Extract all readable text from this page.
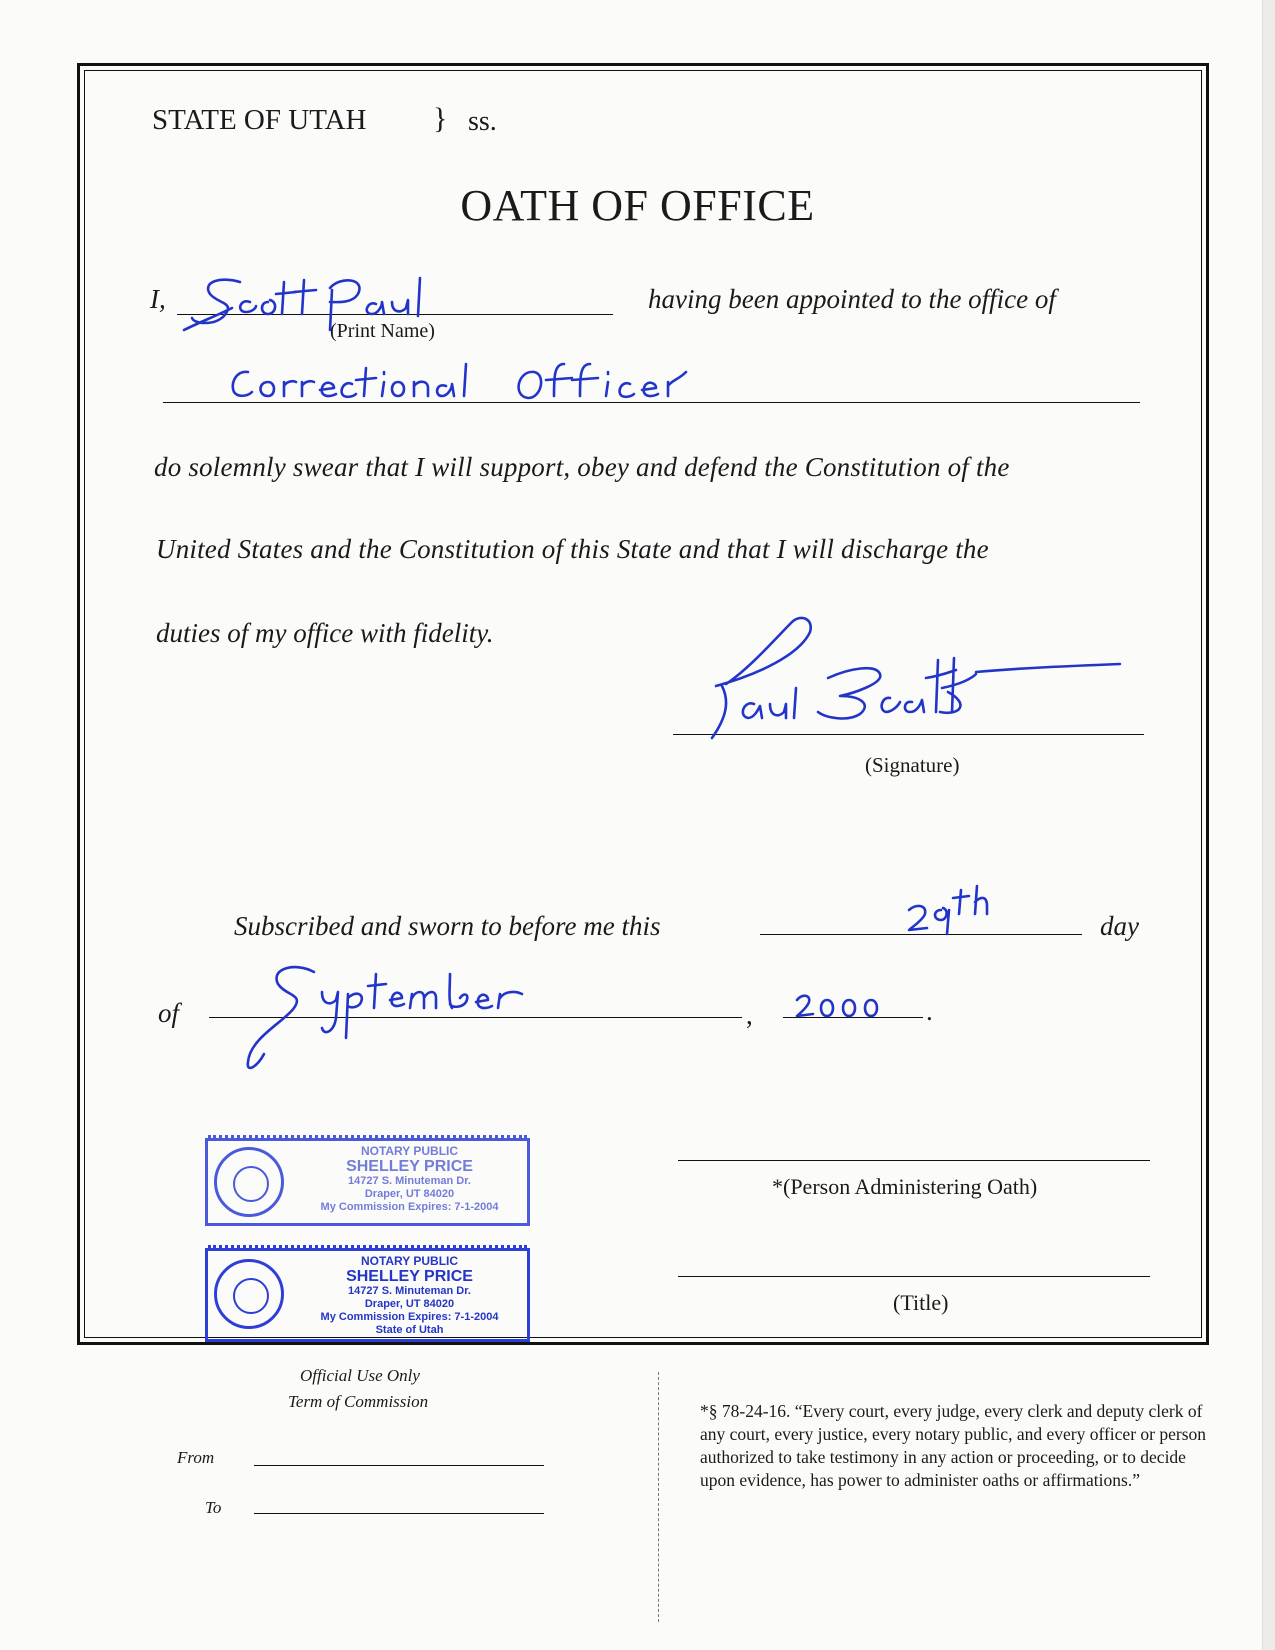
STATE OF UTAH } ss.
OATH OF OFFICE
I,
(Print Name)
having been appointed to the office of
do solemnly swear that I will support, obey and defend the Constitution of the
United States and the Constitution of this State and that I will discharge the
duties of my office with fidelity.
(Signature)
Subscribed and sworn to before me this	day
of	,	.
*(Person Administering Oath)
(Title)
NOTARY PUBLIC
SHELLEY PRICE
14727 S. Minuteman Dr.
Draper, UT 84020
My Commission Expires: 7-1-2004
NOTARY PUBLIC
SHELLEY PRICE
14727 S. Minuteman Dr.
Draper, UT 84020
My Commission Expires: 7-1-2004
State of Utah
Official Use Only
Term of Commission
From
To
*§ 78-24-16. “Every court, every judge, every clerk and deputy clerk of any court, every justice, every notary public, and every officer or person authorized to take testimony in any action or proceeding, or to decide upon evidence, has power to administer oaths or affirmations.”
